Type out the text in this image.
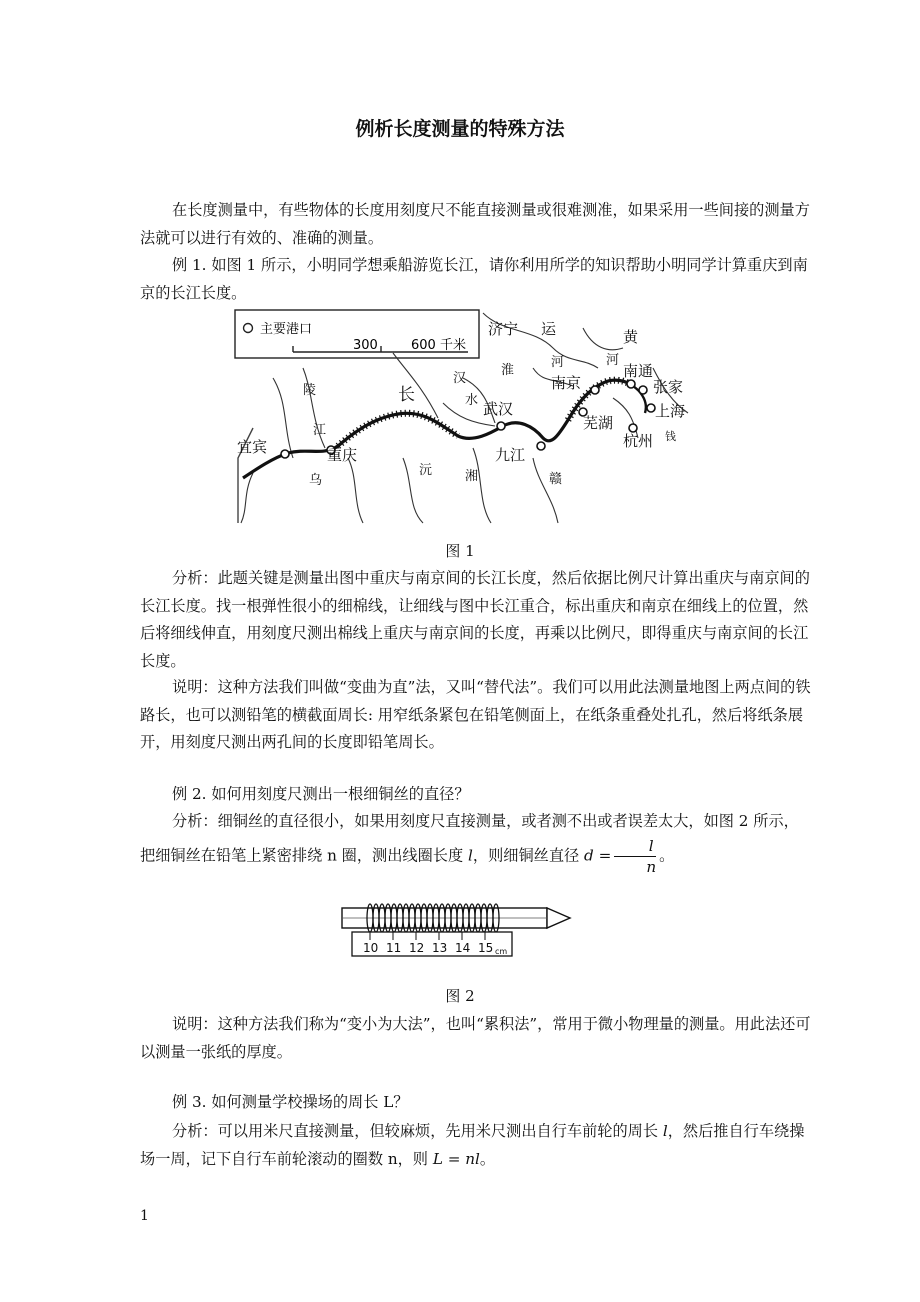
例析长度测量的特殊方法
在长度测量中，有些物体的长度用刻度尺不能直接测量或很难测准，如果采用一些间接的测量方法就可以进行有效的、准确的测量。
例 1. 如图 1 所示，小明同学想乘船游览长江，请你利用所学的知识帮助小明同学计算重庆到南京的长江长度。
主要港口
300	600 千米
济宁 运	黄
河	河
淮
南京
南通
张家
上海
芜湖
杭州
武汉
汉
水
九江
重庆
宜宾
长
陵
江
湘	赣
钱
沅
乌
图 1
分析：此题关键是测量出图中重庆与南京间的长江长度，然后依据比例尺计算出重庆与南京间的长江长度。找一根弹性很小的细棉线，让细线与图中长江重合，标出重庆和南京在细线上的位置，然后将细线伸直，用刻度尺测出棉线上重庆与南京间的长度，再乘以比例尺，即得重庆与南京间的长江长度。
说明：这种方法我们叫做“变曲为直”法，又叫“替代法”。我们可以用此法测量地图上两点间的铁路长，也可以测铅笔的横截面周长: 用窄纸条紧包在铅笔侧面上，在纸条重叠处扎孔，然后将纸条展开，用刻度尺测出两孔间的长度即铅笔周长。
例 2. 如何用刻度尺测出一根细铜丝的直径？
分析：细铜丝的直径很小，如果用刻度尺直接测量，或者测不出或者误差太大，如图 2 所示，把细铜丝在铅笔上紧密排绕 n 圈，测出线圈长度 l，则细铜丝直径 $d = \frac{l}{n}$ 。
10 11 12 13 14 15 cm
图 2
说明：这种方法我们称为“变小为大法”，也叫“累积法”，常用于微小物理量的测量。用此法还可以测量一张纸的厚度。
例 3. 如何测量学校操场的周长 L？
分析：可以用米尺直接测量，但较麻烦，先用米尺测出自行车前轮的周长 l，然后推自行车绕操场一周，记下自行车前轮滚动的圈数 n，则 L = nl。
1
